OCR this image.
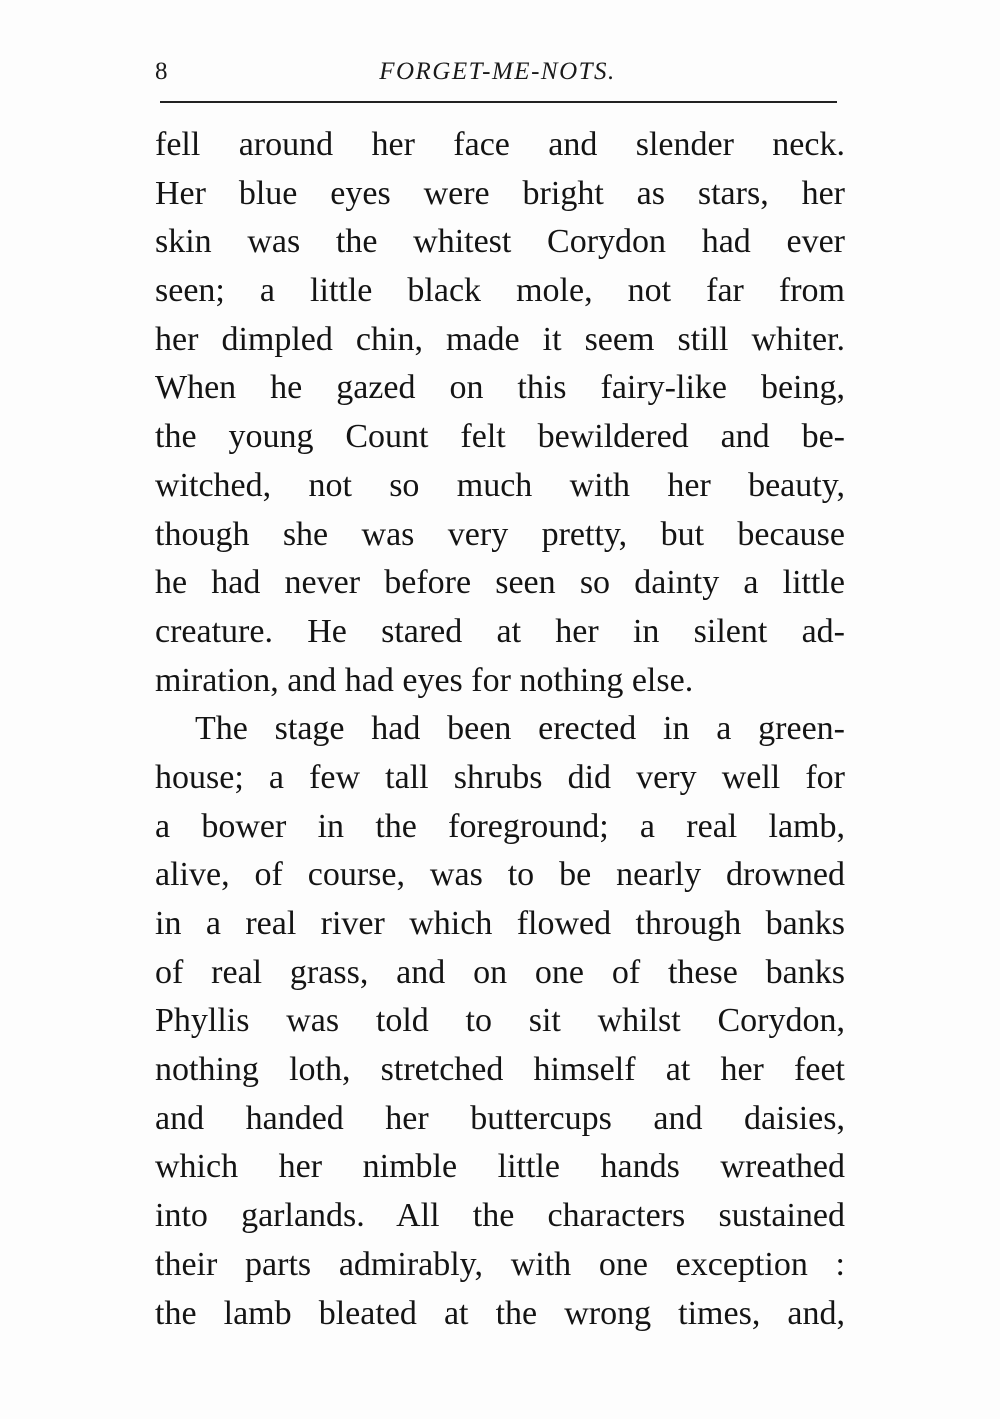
8	FORGET-ME-NOTS.
fell around her face and slender neck.
Her blue eyes were bright as stars, her
skin was the whitest Corydon had ever
seen; a little black mole, not far from
her dimpled chin, made it seem still whiter.
When he gazed on this fairy-like being,
the young Count felt bewildered and be-
witched, not so much with her beauty,
though she was very pretty, but because
he had never before seen so dainty a little
creature. He stared at her in silent ad-
miration, and had eyes for nothing else.
The stage had been erected in a green-
house; a few tall shrubs did very well for
a bower in the foreground; a real lamb,
alive, of course, was to be nearly drowned
in a real river which flowed through banks
of real grass, and on one of these banks
Phyllis was told to sit whilst Corydon,
nothing loth, stretched himself at her feet
and handed her buttercups and daisies,
which her nimble little hands wreathed
into garlands. All the characters sustained
their parts admirably, with one exception :
the lamb bleated at the wrong times, and,
